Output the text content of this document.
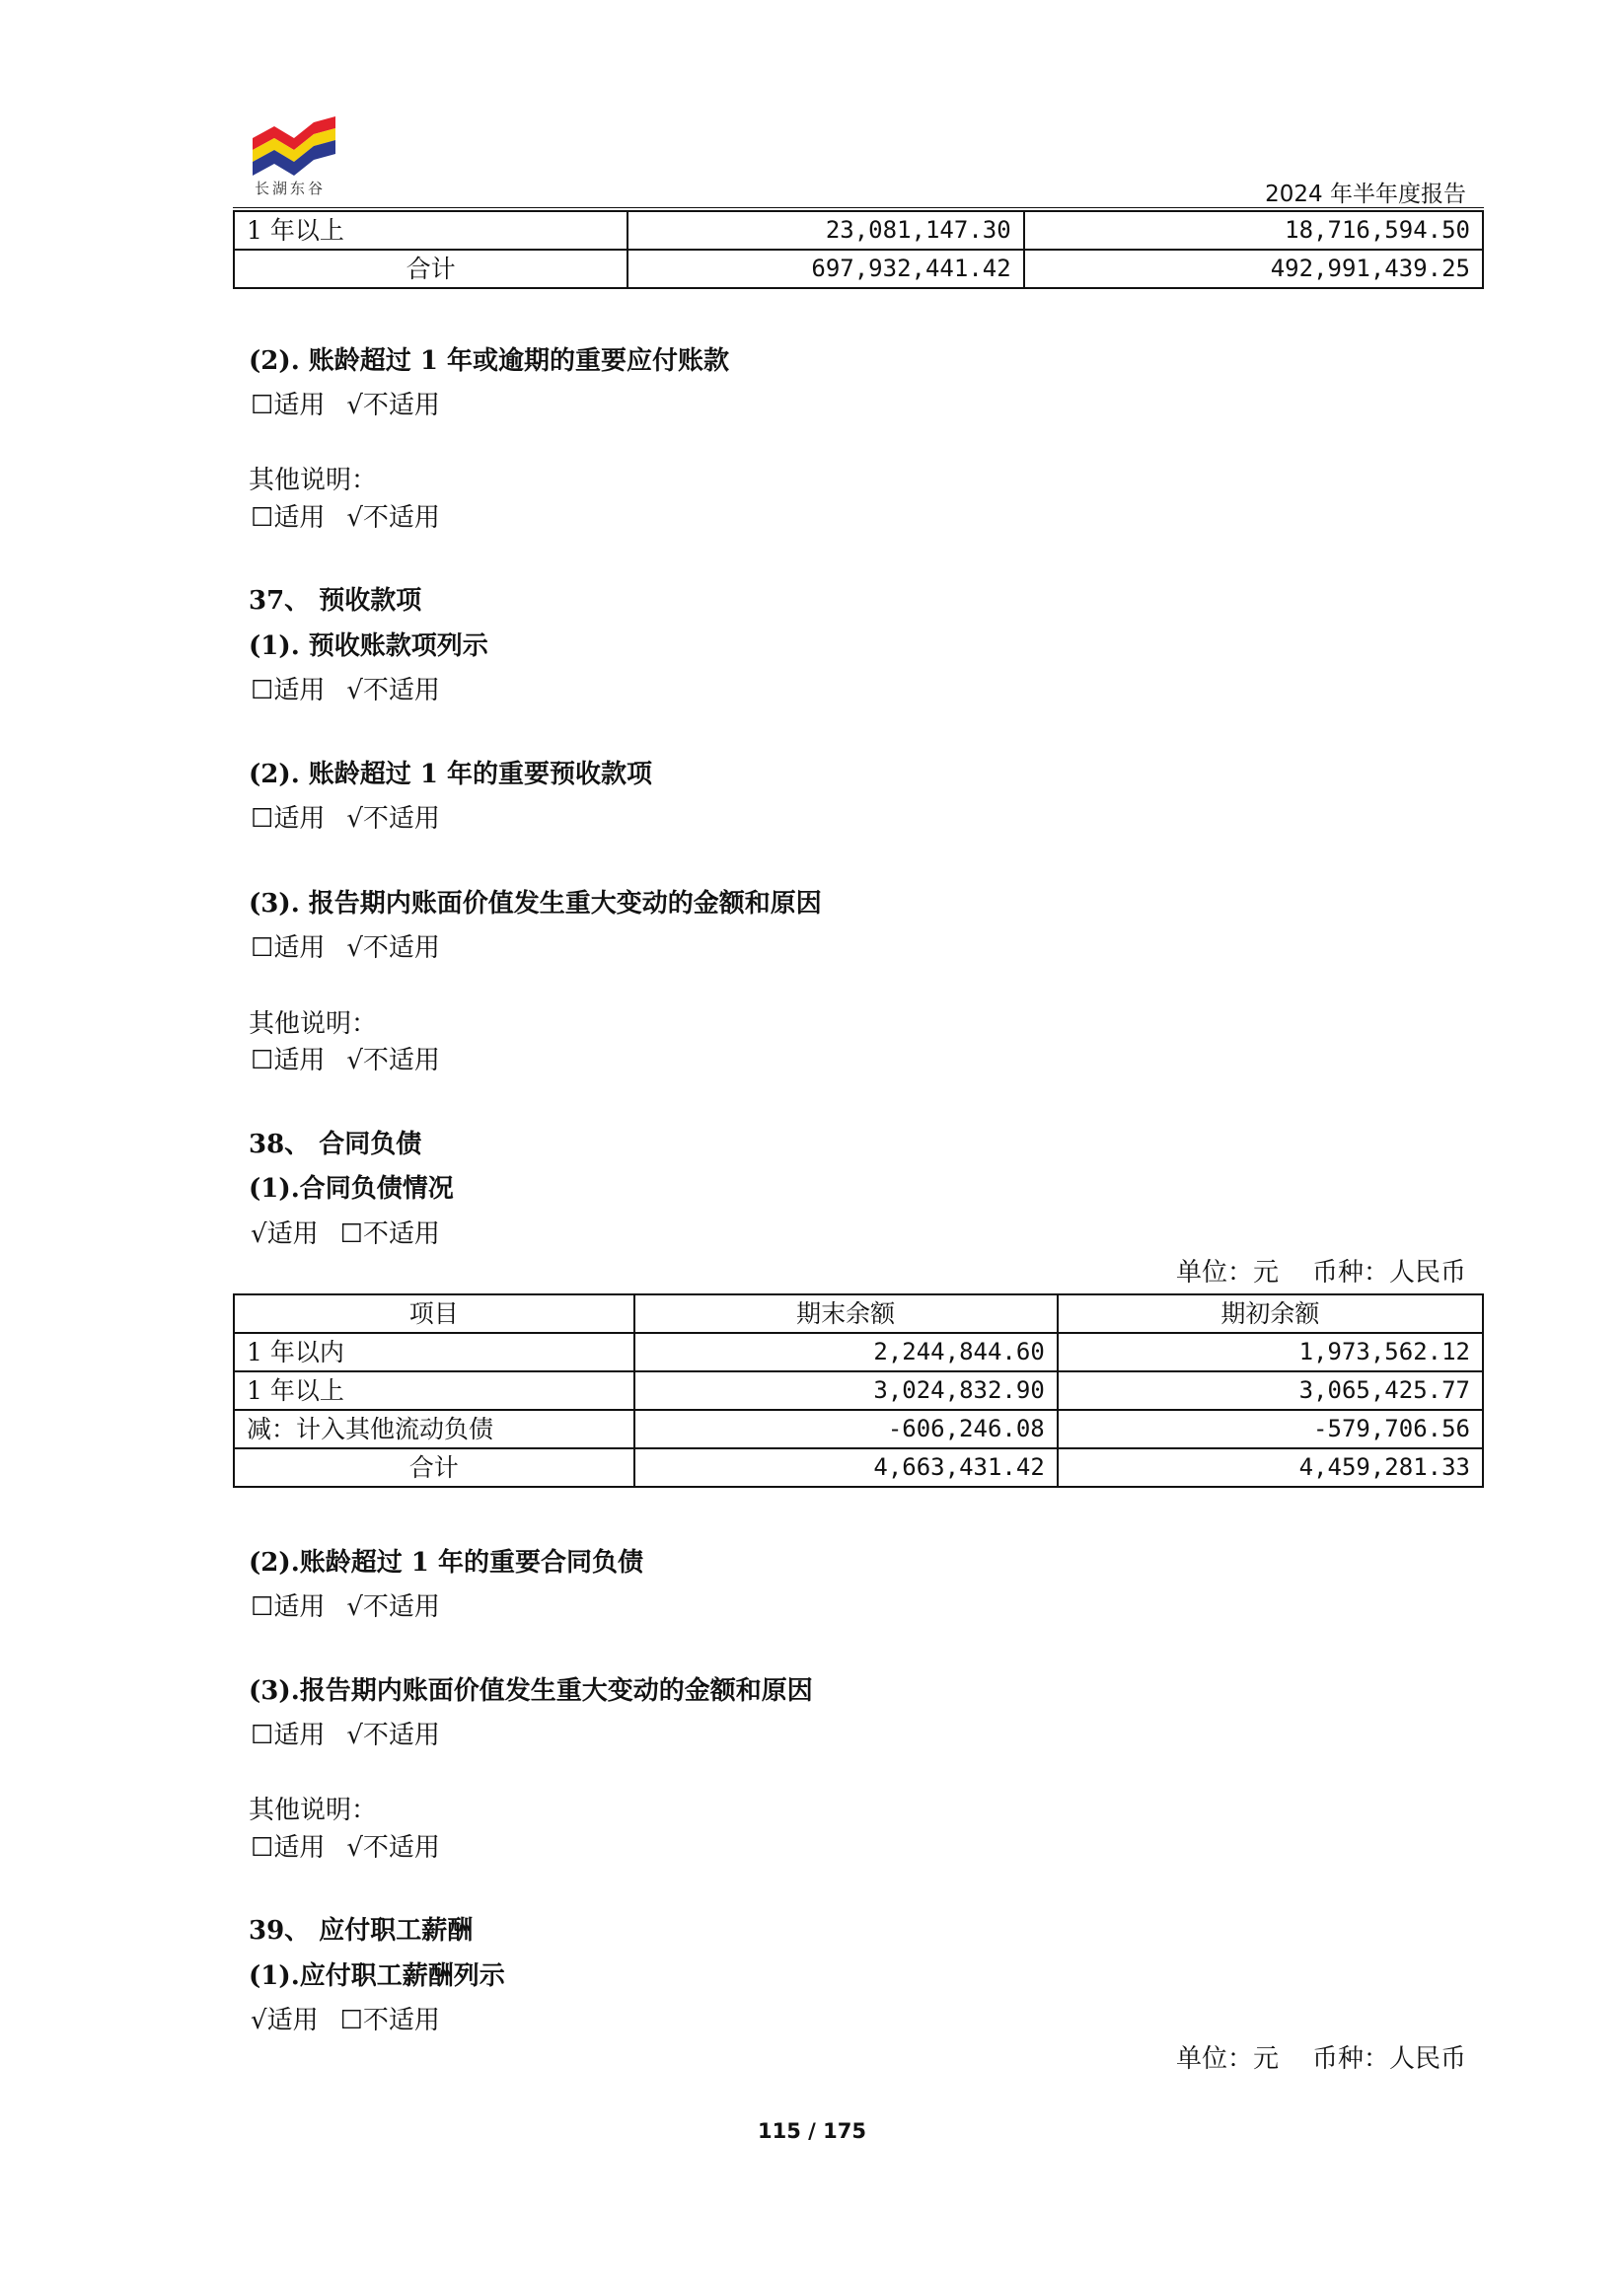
长湖东谷	2024 年半年度报告
1 年以上	23,081,147.30	18,716,594.50
合计	697,932,441.42	492,991,439.25
(2). 账龄超过 1 年或逾期的重要应付账款
☐适用 √不适用
其他说明：
☐适用 √不适用
37、 预收款项
(1). 预收账款项列示
☐适用 √不适用
(2). 账龄超过 1 年的重要预收款项
☐适用 √不适用
(3). 报告期内账面价值发生重大变动的金额和原因
☐适用 √不适用
其他说明：
☐适用 √不适用
38、 合同负债
(1).合同负债情况
√适用 ☐不适用
单位：元 币种：人民币
项目	期末余额	期初余额
1 年以内	2,244,844.60	1,973,562.12
1 年以上	3,024,832.90	3,065,425.77
减：计入其他流动负债	-606,246.08	-579,706.56
合计	4,663,431.42	4,459,281.33
(2).账龄超过 1 年的重要合同负债
☐适用 √不适用
(3).报告期内账面价值发生重大变动的金额和原因
☐适用 √不适用
其他说明：
☐适用 √不适用
39、 应付职工薪酬
(1).应付职工薪酬列示
√适用 ☐不适用
单位：元 币种：人民币
115 / 175
